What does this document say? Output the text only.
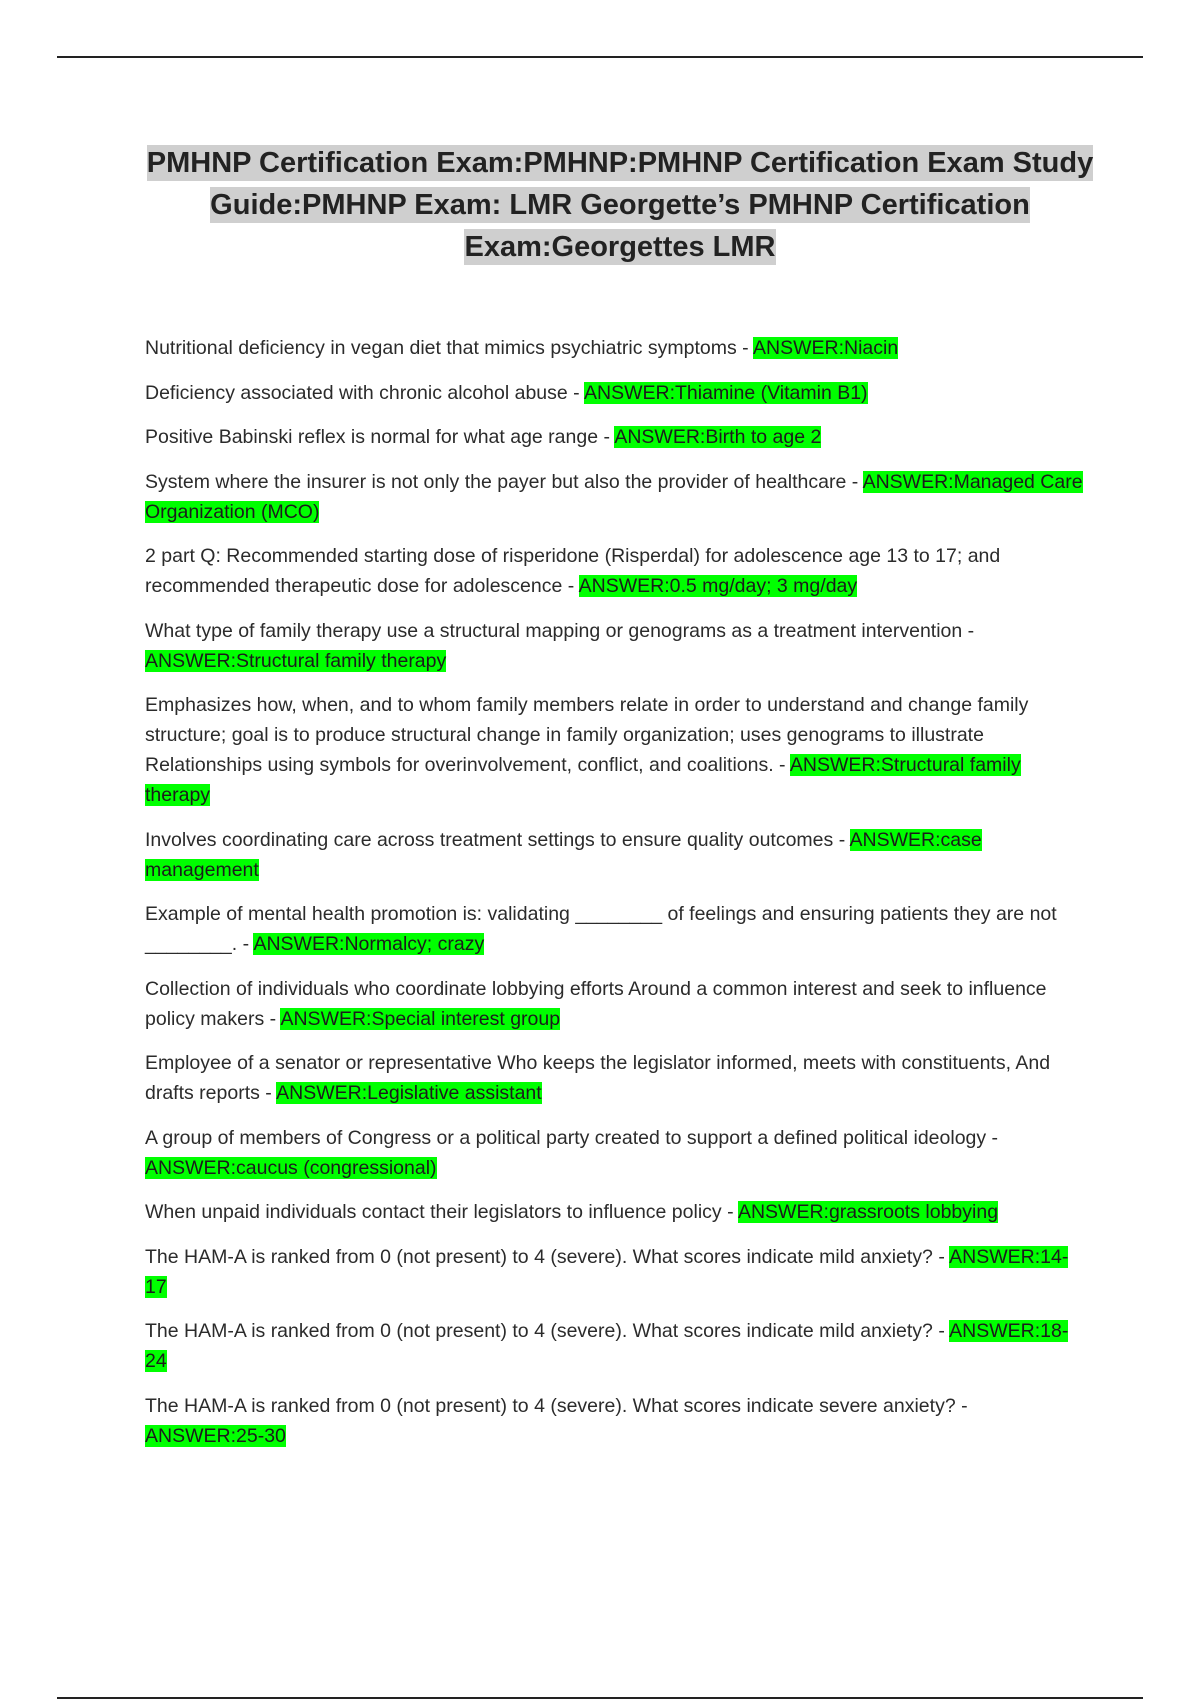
PMHNP Certification Exam:PMHNP:PMHNP Certification Exam Study Guide:PMHNP Exam: LMR Georgette’s PMHNP Certification Exam:Georgettes LMR
Nutritional deficiency in vegan diet that mimics psychiatric symptoms - ANSWER:Niacin
Deficiency associated with chronic alcohol abuse - ANSWER:Thiamine (Vitamin B1)
Positive Babinski reflex is normal for what age range - ANSWER:Birth to age 2
System where the insurer is not only the payer but also the provider of healthcare - ANSWER:Managed Care Organization (MCO)
2 part Q: Recommended starting dose of risperidone (Risperdal) for adolescence age 13 to 17; and recommended therapeutic dose for adolescence - ANSWER:0.5 mg/day; 3 mg/day
What type of family therapy use a structural mapping or genograms as a treatment intervention - ANSWER:Structural family therapy
Emphasizes how, when, and to whom family members relate in order to understand and change family structure; goal is to produce structural change in family organization; uses genograms to illustrate Relationships using symbols for overinvolvement, conflict, and coalitions. - ANSWER:Structural family therapy
Involves coordinating care across treatment settings to ensure quality outcomes - ANSWER:case management
Example of mental health promotion is: validating ________ of feelings and ensuring patients they are not ________. - ANSWER:Normalcy; crazy
Collection of individuals who coordinate lobbying efforts Around a common interest and seek to influence policy makers - ANSWER:Special interest group
Employee of a senator or representative Who keeps the legislator informed, meets with constituents, And drafts reports - ANSWER:Legislative assistant
A group of members of Congress or a political party created to support a defined political ideology - ANSWER:caucus (congressional)
When unpaid individuals contact their legislators to influence policy - ANSWER:grassroots lobbying
The HAM-A is ranked from 0 (not present) to 4 (severe). What scores indicate mild anxiety? - ANSWER:14-17
The HAM-A is ranked from 0 (not present) to 4 (severe). What scores indicate mild anxiety? - ANSWER:18-24
The HAM-A is ranked from 0 (not present) to 4 (severe). What scores indicate severe anxiety? - ANSWER:25-30
